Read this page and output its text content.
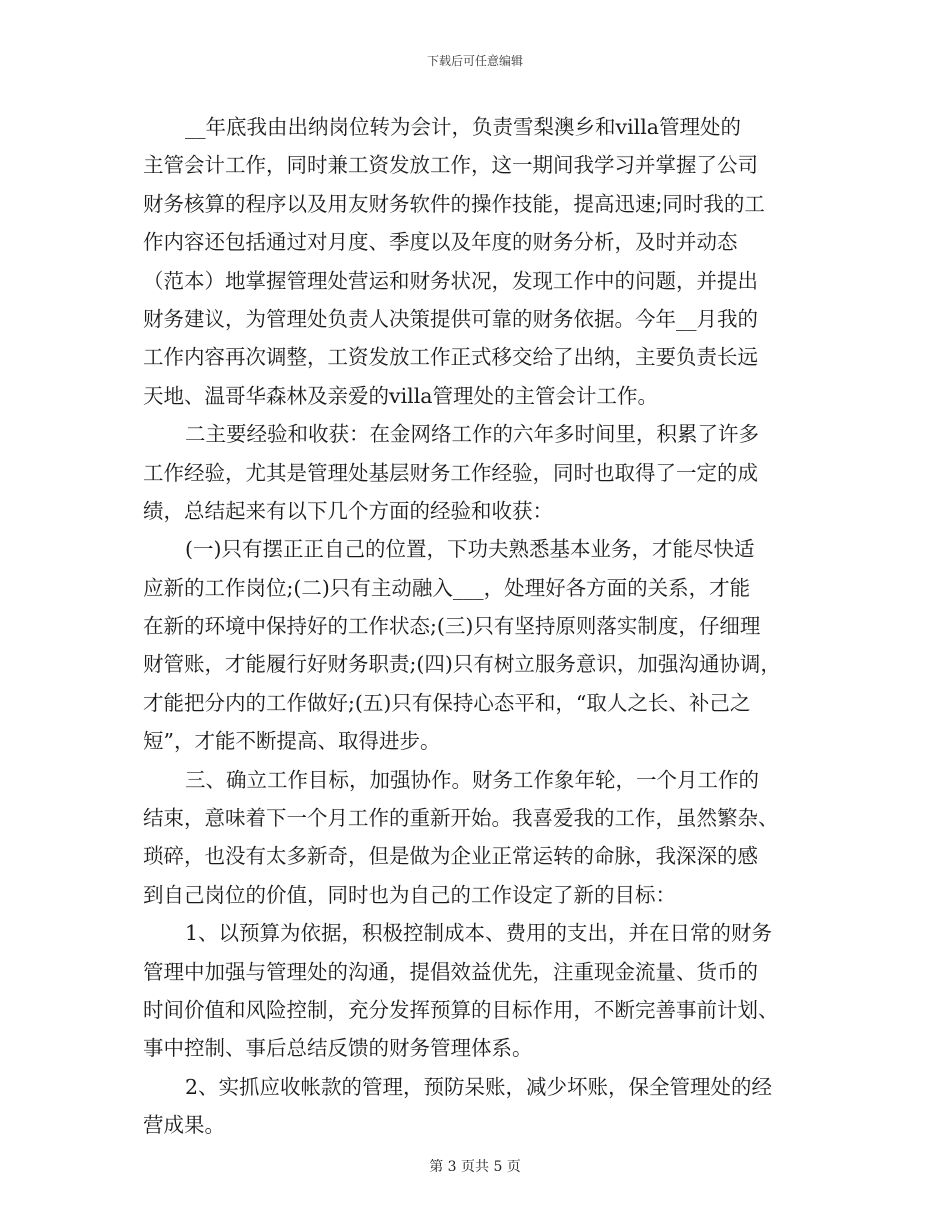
下载后可任意编辑
__年底我由出纳岗位转为会计，负责雪梨澳乡和villa管理处的
主管会计工作，同时兼工资发放工作，这一期间我学习并掌握了公司
财务核算的程序以及用友财务软件的操作技能，提高迅速;同时我的工
作内容还包括通过对月度、季度以及年度的财务分析，及时并动态
（范本）地掌握管理处营运和财务状况，发现工作中的问题，并提出
财务建议，为管理处负责人决策提供可靠的财务依据。今年__月我的
工作内容再次调整，工资发放工作正式移交给了出纳，主要负责长远
天地、温哥华森林及亲爱的villa管理处的主管会计工作。
二主要经验和收获：在金网络工作的六年多时间里，积累了许多
工作经验，尤其是管理处基层财务工作经验，同时也取得了一定的成
绩，总结起来有以下几个方面的经验和收获：
(一)只有摆正正自己的位置，下功夫熟悉基本业务，才能尽快适
应新的工作岗位;(二)只有主动融入___，处理好各方面的关系，才能
在新的环境中保持好的工作状态;(三)只有坚持原则落实制度，仔细理
财管账，才能履行好财务职责;(四)只有树立服务意识，加强沟通协调，
才能把分内的工作做好;(五)只有保持心态平和，“取人之长、补己之
短”，才能不断提高、取得进步。
三、确立工作目标，加强协作。财务工作象年轮，一个月工作的
结束，意味着下一个月工作的重新开始。我喜爱我的工作，虽然繁杂、
琐碎，也没有太多新奇，但是做为企业正常运转的命脉，我深深的感
到自己岗位的价值，同时也为自己的工作设定了新的目标：
1、以预算为依据，积极控制成本、费用的支出，并在日常的财务
管理中加强与管理处的沟通，提倡效益优先，注重现金流量、货币的
时间价值和风险控制，充分发挥预算的目标作用，不断完善事前计划、
事中控制、事后总结反馈的财务管理体系。
2、实抓应收帐款的管理，预防呆账，减少坏账，保全管理处的经
营成果。
第 3 页共 5 页
